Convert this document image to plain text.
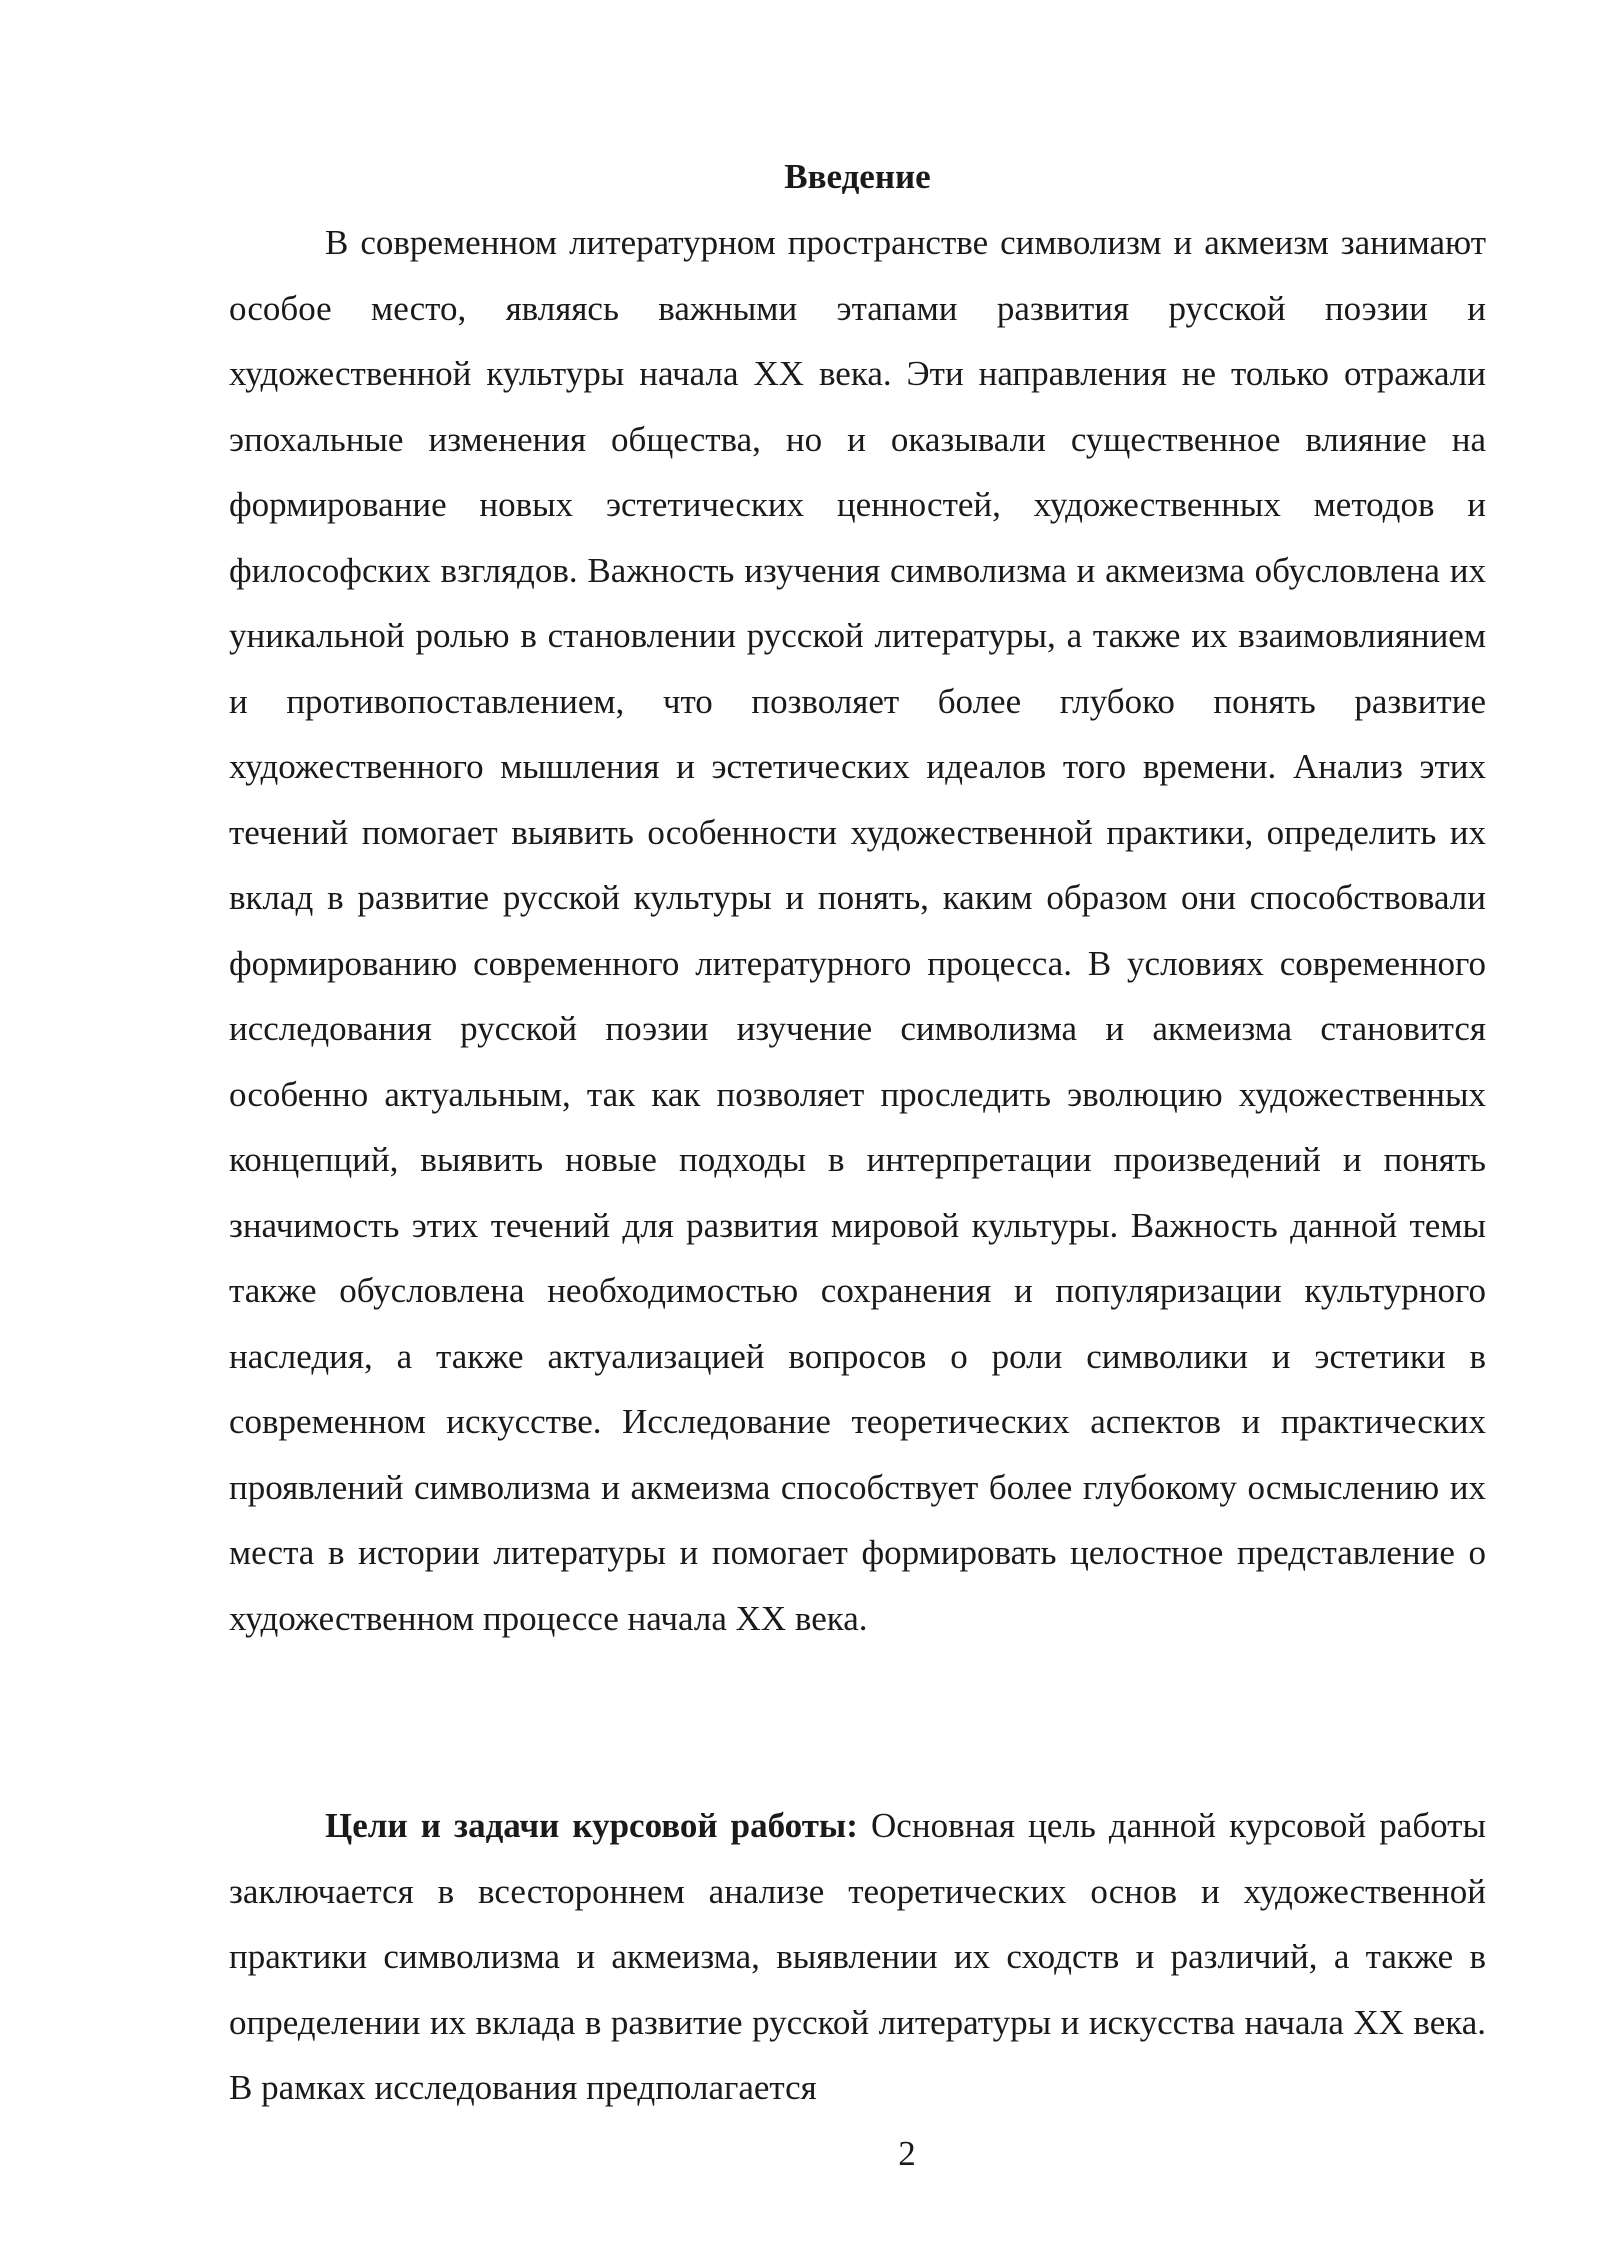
Введение

В современном литературном пространстве символизм и акмеизм занимают особое место, являясь важными этапами развития русской поэзии и художественной культуры начала XX века. Эти направления не только отражали эпохальные изменения общества, но и оказывали существенное влияние на формирование новых эстетических ценностей, художественных методов и философских взглядов. Важность изучения символизма и акмеизма обусловлена их уникальной ролью в становлении русской литературы, а также их взаимовлиянием и противопоставлением, что позволяет более глубоко понять развитие художественного мышления и эстетических идеалов того времени. Анализ этих течений помогает выявить особенности художественной практики, определить их вклад в развитие русской культуры и понять, каким образом они способствовали формированию современного литературного процесса. В условиях современного исследования русской поэзии изучение символизма и акмеизма становится особенно актуальным, так как позволяет проследить эволюцию художественных концепций, выявить новые подходы в интерпретации произведений и понять значимость этих течений для развития мировой культуры. Важность данной темы также обусловлена необходимостью сохранения и популяризации культурного наследия, а также актуализацией вопросов о роли символики и эстетики в современном искусстве. Исследование теоретических аспектов и практических проявлений символизма и акмеизма способствует более глубокому осмыслению их места в истории литературы и помогает формировать целостное представление о художественном процессе начала XX века.

Цели и задачи курсовой работы: Основная цель данной курсовой работы заключается в всестороннем анализе теоретических основ и художественной практики символизма и акмеизма, выявлении их сходств и различий, а также в определении их вклада в развитие русской литературы и искусства начала XX века. В рамках исследования предполагается

2
